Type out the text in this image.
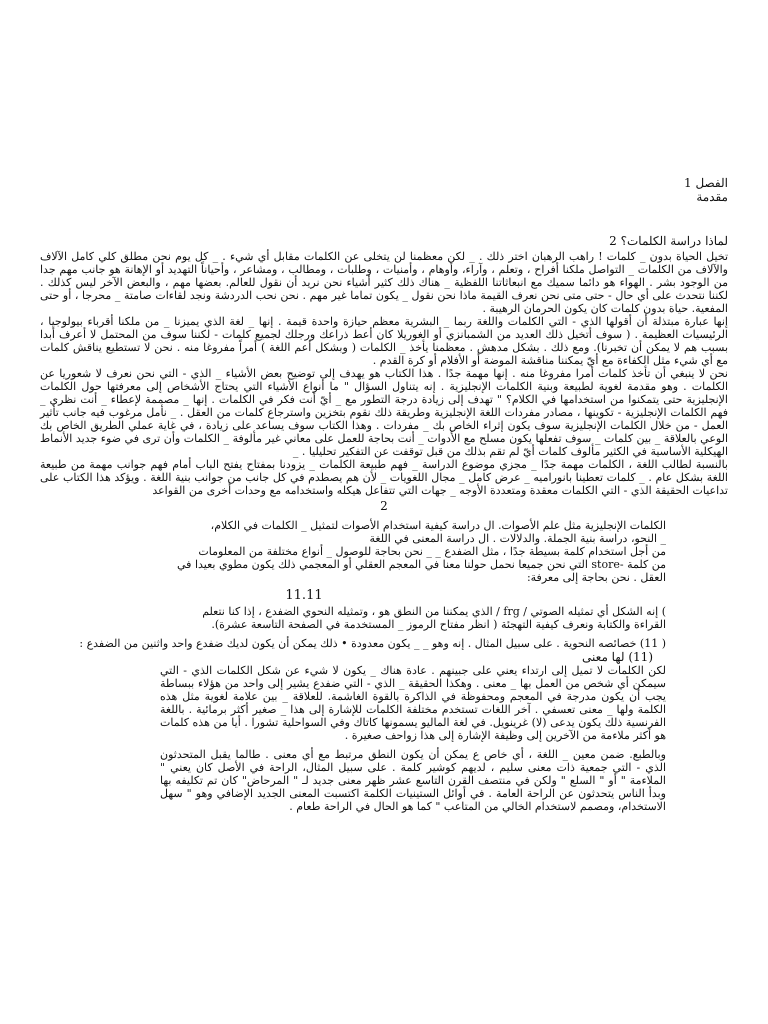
الفصل 1

مقدمة

لماذا دراسة الكلمات؟ 2

تخيل الحياة بدون _ كلمات ! راهب الرهبان اختر ذلك . _ لكن معظمنا لن يتخلى عن الكلمات مقابل أي شيء . _ كل يوم نحن مطلق كلي كامل الآلاف والآلاف من الكلمات _ التواصل ملكنا أفراح ، وتعلم ، وآراء، وأوهام ، وأمنيات ، وطلبات ، ومطالب ، ومشاعر ، وأحياناً التهديد أو الإهانة هو جانب مهم جدا من الوجود بشر . الهواء هو دائما سميك مع انبعاثاتنا اللفظية _ هناك ذلك كثير أشياء نحن نريد أن نقول للعالم. بعضها مهم ، والبعض الآخر ليس كذلك . لكننا نتحدث على أي حال - حتى متى نحن نعرف القيمة ماذا نحن نقول _ يكون تماما غير مهم . نحن نحب الدردشة ونجد لقاءات صامتة _ محرجا ، أو حتى المفعية. حياة بدون كلمات كان يكون الحرمان الرهيبة .

إنها عبارة مبتذلة أن أقولها الذي - التي الكلمات واللغة ربما _ البشرية معظم حيازة واحدة قيمة . إنها _ لغة الذي يميزنا _ من ملكنا أقرباء بيولوجيا ، الرئيسيات العظيمة . ( سوف أتخيل ذلك العديد من الشمبانزي أو الغوريلا كان أعط ذراعك ورجلك لجميع كلمات - لكننا سوف من المحتمل لا أعرف أبدا بسبب هم لا يمكن أن تخبرنا). ومع ذلك . بشكل مدهش . معظمنا يأخذ _ الكلمات ( وبشكل أعم اللغة ) أمراً مفروغا منه . نحن لا تستطيع يناقش كلمات مع أي شيء مثل الكفاءة مع أيّ يمكننا مناقشة الموضة أو الأفلام أو كرة القدم .

نحن لا ينبغي أن تأخذ كلمات أمرا مفروغا منه . إنها مهمة جدًا . هذا الكتاب هو يهدف إلى توضيح بعض الأشياء _ الذي - التي نحن نعرف لا شعوريا عن الكلمات . وهو مقدمة لغوية لطبيعة وبنية الكلمات الإنجليزية . إنه يتناول السؤال " ما أنواع الأشياء التي يحتاج الأشخاص إلى معرفتها حول الكلمات الإنجليزية حتى يتمكنوا من استخدامها في الكلام؟ " تهدف إلى زيادة درجة التطور مع _ أيّ أنت فكر في الكلمات . إنها _ مصممة لإعطاء _ أنت نظري _ فهم الكلمات الإنجليزية - تكوينها ، مصادر مفردات اللغة الإنجليزية وطريقة ذلك نقوم بتخزين واسترجاع كلمات من العقل . _ نأمل مرغوب فيه جانب تأثير العمل - من خلال الكلمات الإنجليزية سوف يكون إثراء الخاص بك _ مفردات . وهذا الكتاب سوف يساعد على زيادة ، في غاية عملي الطريق الخاص بك الوعي بالعلاقة _ بين كلمات _ سوف تفعلها يكون مسلح مع الأدوات _ أنت بحاجة للعمل على معاني غير مألوفة _ الكلمات وأن ترى في ضوء جديد الأنماط الهيكلية الأساسية في الكثير مألوف كلمات أيّ لم تقم بذلك من قبل توقفت عن التفكير تحليليا . _

بالنسبة لطالب اللغة ، الكلمات مهمة جدًا _ مجزي موضوع الدراسة _ فهم طبيعة الكلمات _ يزودنا بمفتاح يفتح الباب أمام فهم جوانب مهمة من طبيعة اللغة بشكل عام . _ كلمات تعطينا بانوراميه _ عرض كامل _ مجال اللغويات _ لأن هم يصطدم في كل جانب من جوانب بنية اللغة . ويؤكد هذا الكتاب على تداعيات الحقيقة الذي - التي الكلمات معقدة ومتعددة الأوجه _ جهات التي تتفاعل هيكله واستخدامه مع وحدات أخرى من القواعد

2

الكلمات الإنجليزية مثل علم الأصوات. ال دراسة كيفية استخدام الأصوات لتمثيل _ الكلمات في الكلام،

_ النحو، دراسة بنية الجملة. والدلالات . ال دراسة المعنى في اللغة

من أجل استخدام كلمة بسيطة جدًا ، مثل الضفدع _ _ نحن بحاجة للوصول _ أنواع مختلفة من المعلومات

من كلمة -store التي نحن جميعا نحمل حولنا معنا في المعجم العقلي أو المعجمي ذلك يكون مطوي بعيدا في

العقل . نحن بحاجة إلى معرفة:

11.11

) إنه الشكل أي تمثيله الصوتي / frg / الذي يمكننا من النطق هو ، وتمثيله النحوي الضفدع ، إذا كنا نتعلم

القراءة والكتابة ونعرف كيفية التهجئة ( انظر مفتاح الرموز _ المستخدمة في الصفحة التاسعة عشرة).

( 11) خصائصه النحوية . على سبيل المثال . إنه وهو _ _ يكون معدودة • ذلك يمكن أن يكون لديك ضفدع واحد واثنين من الضفدع :

(11) لها معنى

لكن الكلمات لا تميل إلى ارتداء يعني على جبينهم . عادة هناك _ يكون لا شيء عن شكل الكلمات الذي - التي سيمكن أي شخص من العمل بها _ معنى . وهكذا الحقيقة _ الذي - التي ضفدع يشير إلى واحد من هؤلاء ببساطة يجب أن يكون مدرجة في المعجم ومحفوظة في الذاكرة بالقوة الغاشمة. للعلاقة _ بين علامة لغوية مثل هذه الكلمة ولها _ معنى تعسفي . آخر اللغات تستخدم مختلفة الكلمات للإشارة إلى هذا _ صغير أكثر برمائية . باللغة الفرنسية ذلك يكون يدعى (لا) غرينويل. في لغة الماليو يسمونها كاتاك وفي السواحلية تشورا . أيا من هذه كلمات هو أكثر ملاءمة من الآخرين إلى وظيفة الإشارة إلى هذا زواحف صغيرة .

وبالطبع. ضمن معين _ اللغة ، أي خاص ع يمكن أن يكون النطق مرتبط مع أي معنى . طالما يقبل المتحدثون الذي - التي جمعية ذات معنى سليم ، لديهم كوشير كلمة . على سبيل المثال، الراحة في الأصل كان يعني " الملاءمة " أو " السلع " ولكن في منتصف القرن التاسع عشر ظهر معنى جديد لـ " المرحاض" كان تم تكليفه بها وبدأ الناس يتحدثون عن الراحة العامة . في أوائل الستينيات الكلمة اكتسبت المعنى الجديد الإضافي وهو " سهل الاستخدام، ومصمم لاستخدام الخالي من المتاعب " كما هو الحال في الراحة طعام .
